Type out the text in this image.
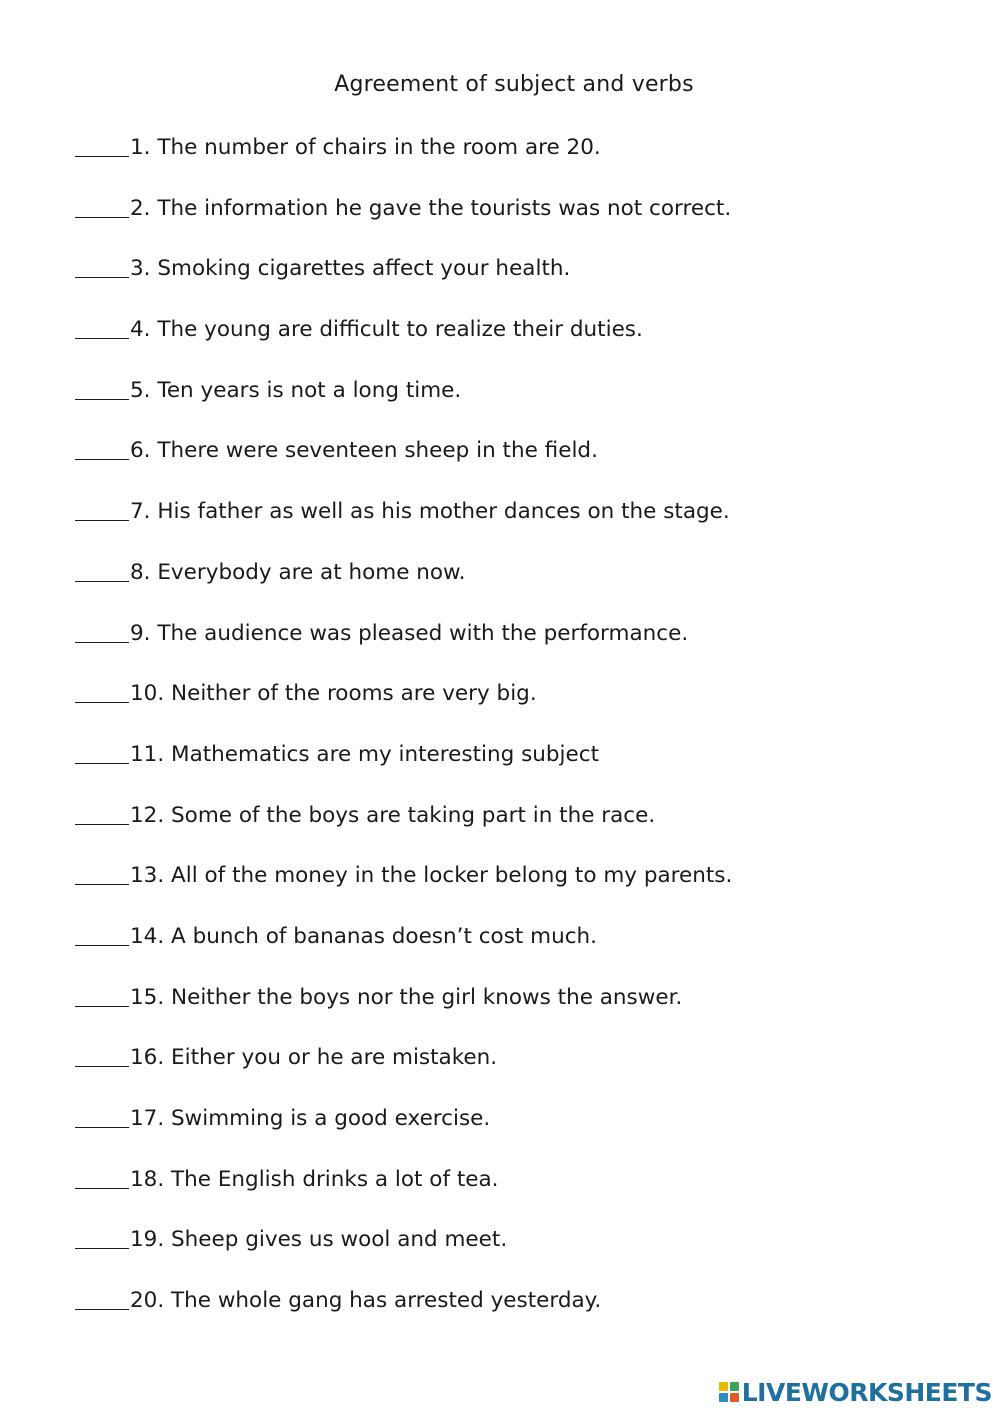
Agreement of subject and verbs
1. The number of chairs in the room are 20.
2. The information he gave the tourists was not correct.
3. Smoking cigarettes affect your health.
4. The young are difficult to realize their duties.
5. Ten years is not a long time.
6. There were seventeen sheep in the field.
7. His father as well as his mother dances on the stage.
8. Everybody are at home now.
9. The audience was pleased with the performance.
10. Neither of the rooms are very big.
11. Mathematics are my interesting subject
12. Some of the boys are taking part in the race.
13. All of the money in the locker belong to my parents.
14. A bunch of bananas doesn’t cost much.
15. Neither the boys nor the girl knows the answer.
16. Either you or he are mistaken.
17. Swimming is a good exercise.
18. The English drinks a lot of tea.
19. Sheep gives us wool and meet.
20. The whole gang has arrested yesterday.
LIVEWORKSHEETS
